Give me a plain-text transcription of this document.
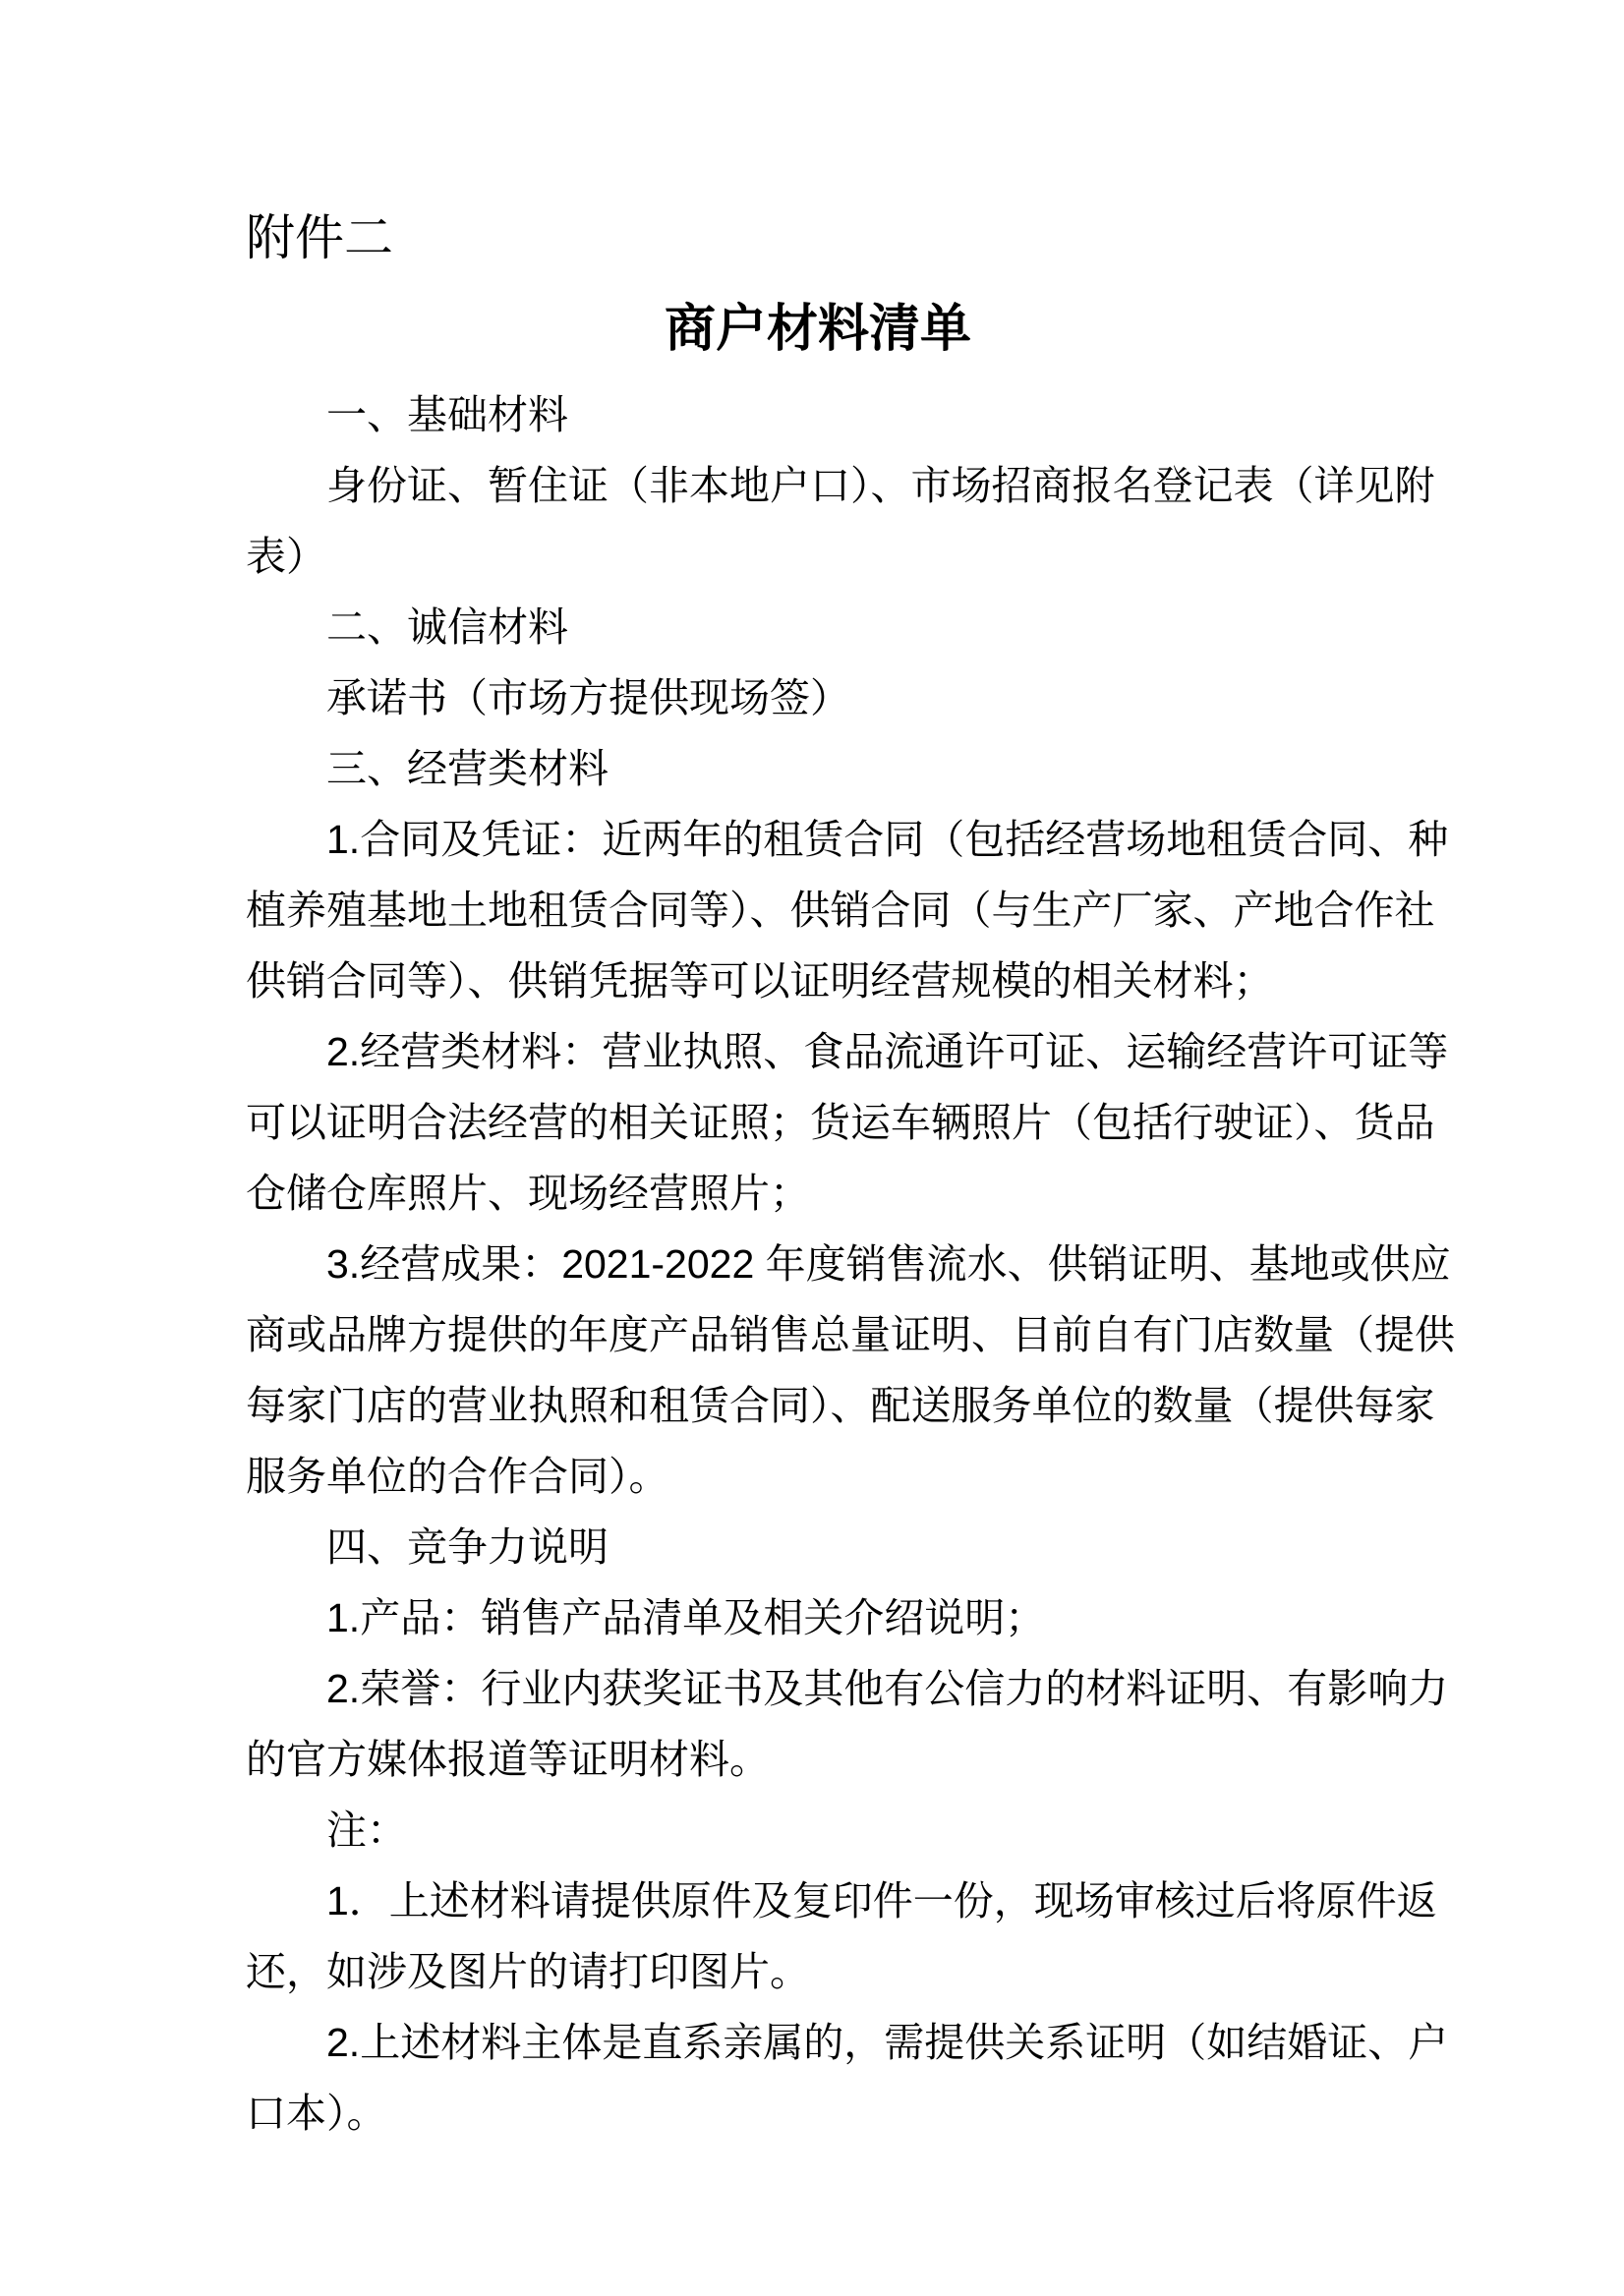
附件二

商户材料清单
一、基础材料
身份证、暂住证（非本地户口）、市场招商报名登记表（详见附
表）
二、诚信材料
承诺书（市场方提供现场签）
三、经营类材料
1.合同及凭证：近两年的租赁合同（包括经营场地租赁合同、种
植养殖基地土地租赁合同等）、供销合同（与生产厂家、产地合作社
供销合同等）、供销凭据等可以证明经营规模的相关材料；
2.经营类材料：营业执照、食品流通许可证、运输经营许可证等
可以证明合法经营的相关证照；货运车辆照片（包括行驶证）、货品
仓储仓库照片、现场经营照片；
3.经营成果：2021-2022 年度销售流水、供销证明、基地或供应
商或品牌方提供的年度产品销售总量证明、目前自有门店数量（提供
每家门店的营业执照和租赁合同）、配送服务单位的数量（提供每家
服务单位的合作合同）。
四、竞争力说明
1.产品：销售产品清单及相关介绍说明；
2.荣誉：行业内获奖证书及其他有公信力的材料证明、有影响力
的官方媒体报道等证明材料。
注：
1．上述材料请提供原件及复印件一份，现场审核过后将原件返
还，如涉及图片的请打印图片。
2.上述材料主体是直系亲属的，需提供关系证明（如结婚证、户
口本）。
